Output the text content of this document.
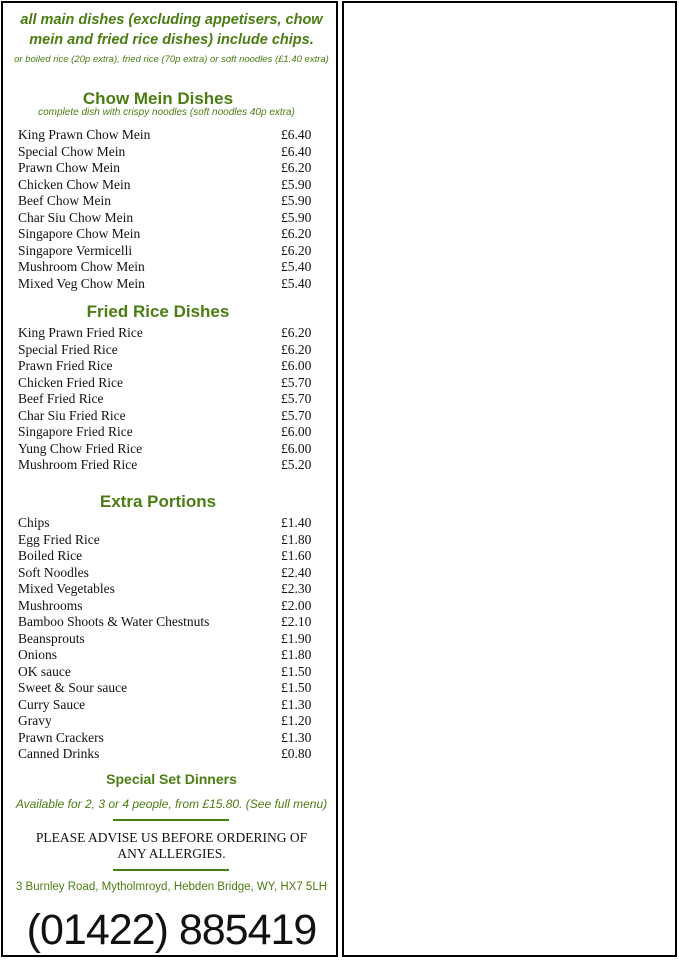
all main dishes (excluding appetisers, chow
mein and fried rice dishes) include chips.
or boiled rice (20p extra), fried rice (70p extra) or soft noodles (£1.40 extra)
Chow Mein Dishes
complete dish with crispy noodles (soft noodles 40p extra)
King Prawn Chow Mein	£6.40
Special Chow Mein	£6.40
Prawn Chow Mein	£6.20
Chicken Chow Mein	£5.90
Beef Chow Mein	£5.90
Char Siu Chow Mein	£5.90
Singapore Chow Mein	£6.20
Singapore Vermicelli	£6.20
Mushroom Chow Mein	£5.40
Mixed Veg Chow Mein	£5.40
Fried Rice Dishes
King Prawn Fried Rice	£6.20
Special Fried Rice	£6.20
Prawn Fried Rice	£6.00
Chicken Fried Rice	£5.70
Beef Fried Rice	£5.70
Char Siu Fried Rice	£5.70
Singapore Fried Rice	£6.00
Yung Chow Fried Rice	£6.00
Mushroom Fried Rice	£5.20
Extra Portions
Chips	£1.40
Egg Fried Rice	£1.80
Boiled Rice	£1.60
Soft Noodles	£2.40
Mixed Vegetables	£2.30
Mushrooms	£2.00
Bamboo Shoots & Water Chestnuts	£2.10
Beansprouts	£1.90
Onions	£1.80
OK sauce	£1.50
Sweet & Sour sauce	£1.50
Curry Sauce	£1.30
Gravy	£1.20
Prawn Crackers	£1.30
Canned Drinks	£0.80
Special Set Dinners
Available for 2, 3 or 4 people, from £15.80. (See full menu)
PLEASE ADVISE US BEFORE ORDERING OF
ANY ALLERGIES.
3 Burnley Road, Mytholmroyd, Hebden Bridge, WY, HX7 5LH
(01422) 885419
